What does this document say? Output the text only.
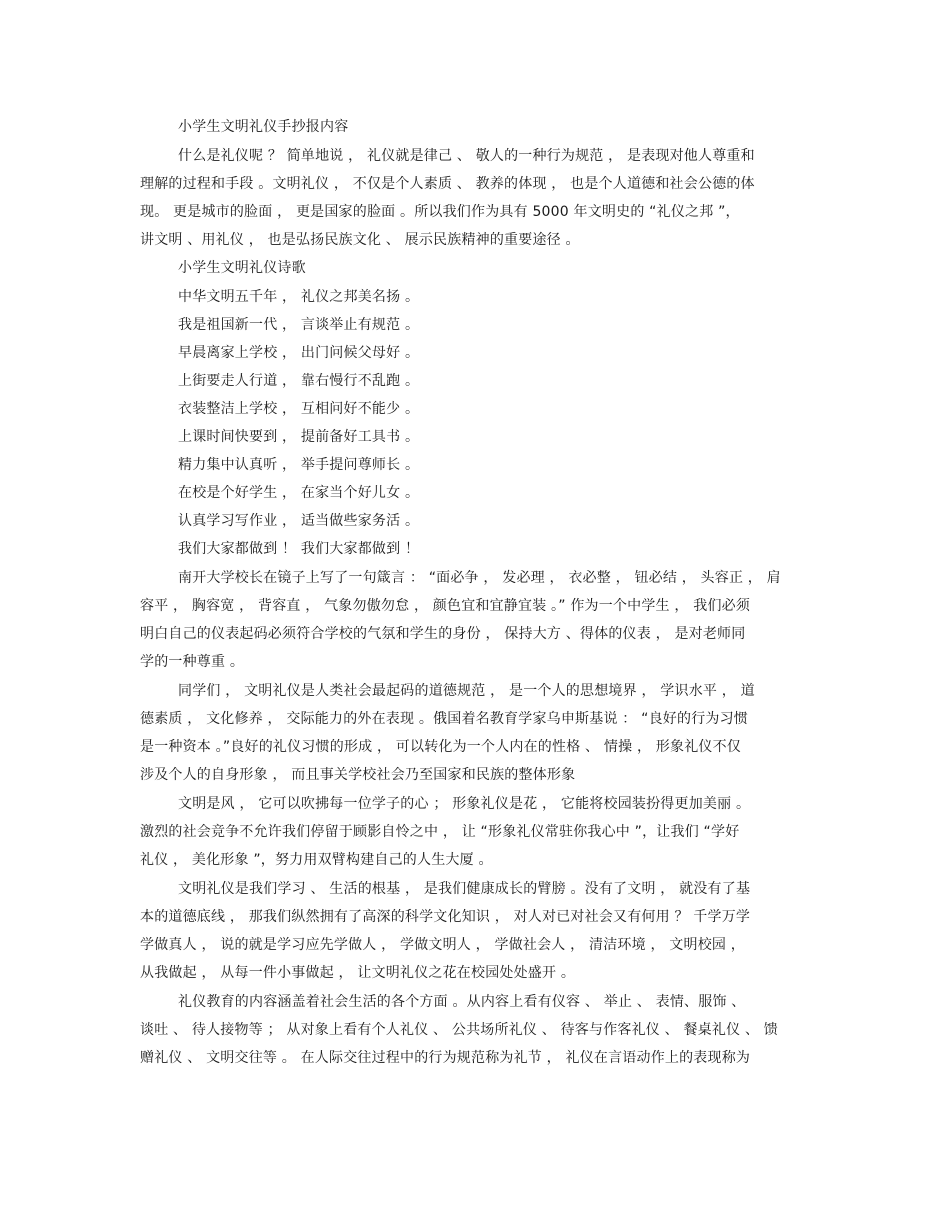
小学生文明礼仪手抄报内容
什么是礼仪呢 ？ 简单地说 ， 礼仪就是律己 、 敬人的一种行为规范 ， 是表现对他人尊重和
理解的过程和手段 。文明礼仪 ， 不仅是个人素质 、 教养的体现 ， 也是个人道德和社会公德的体
现。 更是城市的脸面 ， 更是国家的脸面 。所以我们作为具有 5000 年文明史的 “礼仪之邦 ”，
讲文明 、用礼仪 ， 也是弘扬民族文化 、 展示民族精神的重要途径 。
小学生文明礼仪诗歌
中华文明五千年 ， 礼仪之邦美名扬 。
我是祖国新一代 ， 言谈举止有规范 。
早晨离家上学校 ， 出门问候父母好 。
上街要走人行道 ， 靠右慢行不乱跑 。
衣装整洁上学校 ， 互相问好不能少 。
上课时间快要到 ， 提前备好工具书 。
精力集中认真听 ， 举手提问尊师长 。
在校是个好学生 ， 在家当个好儿女 。
认真学习写作业 ， 适当做些家务活 。
我们大家都做到 ！ 我们大家都做到 ！
南开大学校长在镜子上写了一句箴言 ： “面必争 ， 发必理 ， 衣必整 ， 钮必结 ， 头容正 ， 肩
容平 ， 胸容宽 ， 背容直 ， 气象勿傲勿怠 ， 颜色宜和宜静宜装 。” 作为一个中学生 ， 我们必须
明白自己的仪表起码必须符合学校的气氛和学生的身份 ， 保持大方 、得体的仪表 ， 是对老师同
学的一种尊重 。
同学们 ， 文明礼仪是人类社会最起码的道德规范 ， 是一个人的思想境界 ， 学识水平 ， 道
德素质 ， 文化修养 ， 交际能力的外在表现 。俄国着名教育学家乌申斯基说 ： “良好的行为习惯
是一种资本 。”良好的礼仪习惯的形成 ， 可以转化为一个人内在的性格 、 情操 ， 形象礼仪不仅
涉及个人的自身形象 ， 而且事关学校社会乃至国家和民族的整体形象
文明是风 ， 它可以吹拂每一位学子的心 ； 形象礼仪是花 ， 它能将校园装扮得更加美丽 。
激烈的社会竞争不允许我们停留于顾影自怜之中 ， 让 “形象礼仪常驻你我心中 ”，让我们 “学好
礼仪 ， 美化形象 ”，努力用双臂构建自己的人生大厦 。
文明礼仪是我们学习 、 生活的根基 ， 是我们健康成长的臂膀 。没有了文明 ， 就没有了基
本的道德底线 ， 那我们纵然拥有了高深的科学文化知识 ， 对人对已对社会又有何用 ？ 千学万学
学做真人 ， 说的就是学习应先学做人 ， 学做文明人 ， 学做社会人 ， 清洁环境 ， 文明校园 ，
从我做起 ， 从每一件小事做起 ， 让文明礼仪之花在校园处处盛开 。
礼仪教育的内容涵盖着社会生活的各个方面 。从内容上看有仪容 、 举止 、 表情、服饰 、
谈吐 、 待人接物等 ； 从对象上看有个人礼仪 、 公共场所礼仪 、 待客与作客礼仪 、 餐桌礼仪 、 馈
赠礼仪 、 文明交往等 。 在人际交往过程中的行为规范称为礼节 ， 礼仪在言语动作上的表现称为
